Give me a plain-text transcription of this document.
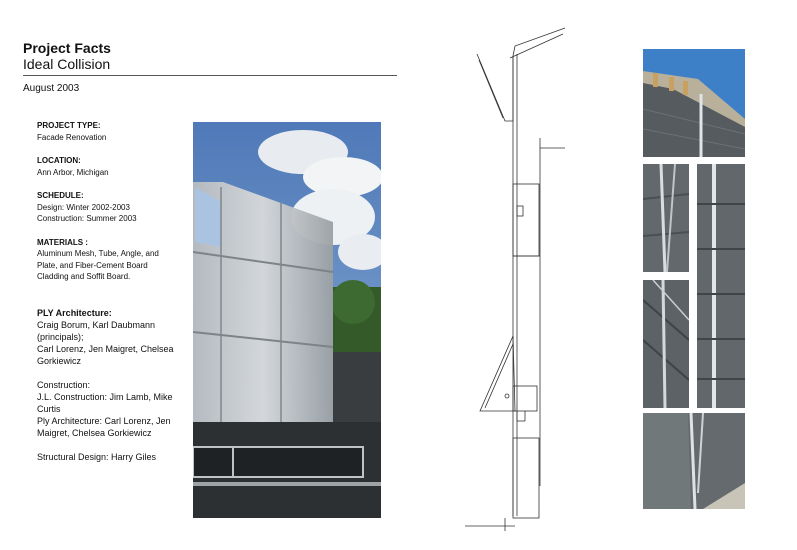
Project Facts
Ideal Collision
August 2003
PROJECT TYPE:
Facade Renovation
LOCATION:
Ann Arbor, Michigan
SCHEDULE:
Design: Winter 2002-2003
Construction: Summer 2003
MATERIALS :
Aluminum Mesh, Tube, Angle, and Plate, and Fiber-Cement Board Cladding and Soffit Board.
PLY Architecture:
Craig Borum, Karl Daubmann (principals);
Carl Lorenz, Jen Maigret, Chelsea Gorkiewicz
Construction:
J.L. Construction: Jim Lamb, Mike Curtis
Ply Architecture: Carl Lorenz, Jen Maigret, Chelsea Gorkiewicz
Structural Design: Harry Giles
